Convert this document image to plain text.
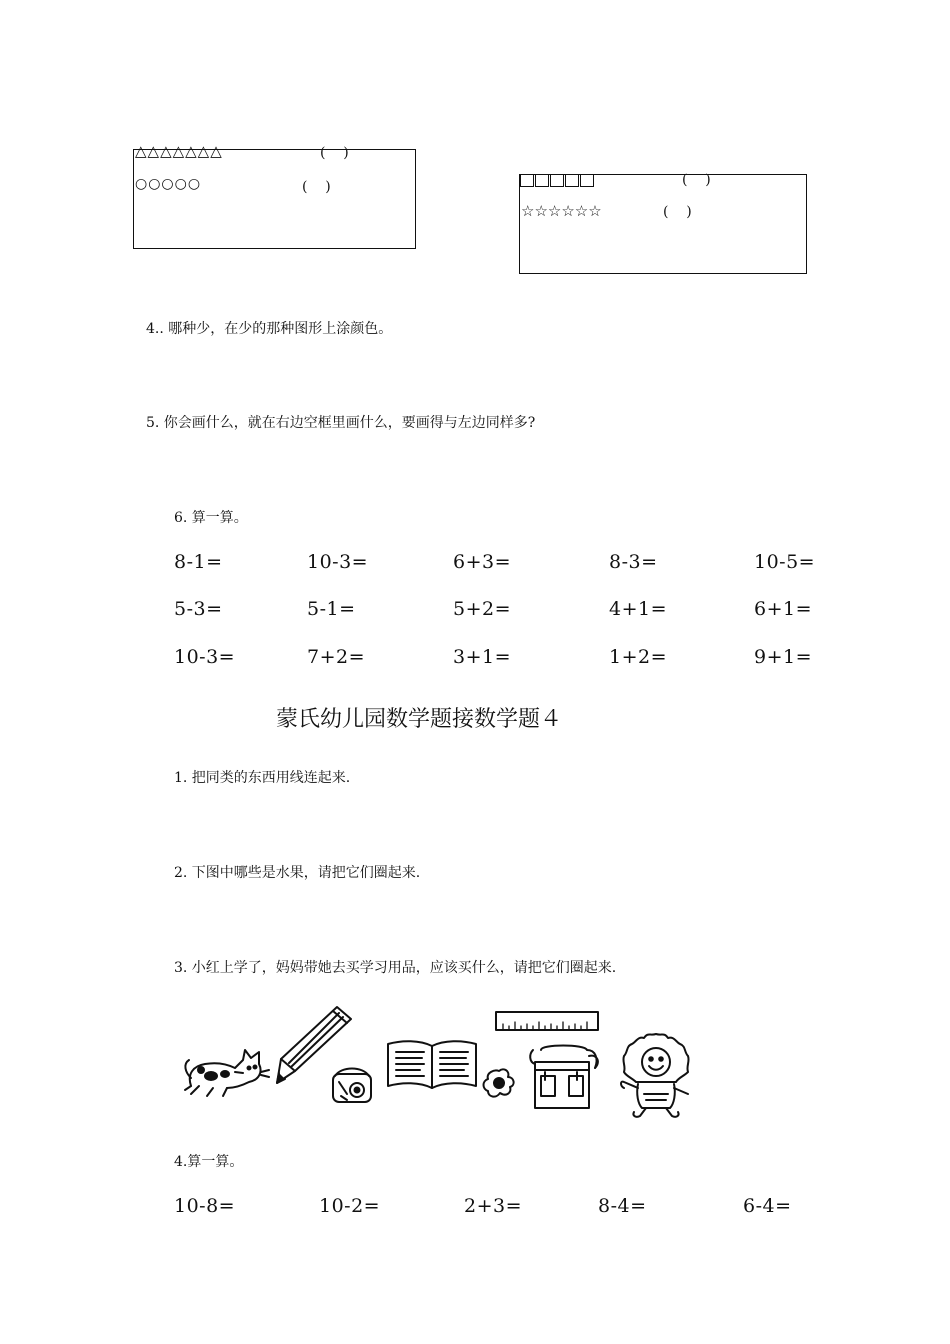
△△△△△△△	(    )
○○○○○	(    )	(    )
☆☆☆☆☆☆	(    )
4.. 哪种少，在少的那种图形上涂颜色。
5. 你会画什么，就在右边空框里画什么，要画得与左边同样多?
6. 算一算。
8-1=	10-3=	6+3=	8-3=	10-5=
5-3=	5-1=	5+2=	4+1=	6+1=
10-3=	7+2=	3+1=	1+2=	9+1=
蒙氏幼儿园数学题接数学题４
1. 把同类的东西用线连起来.
2. 下图中哪些是水果，请把它们圈起来.
3. 小红上学了，妈妈带她去买学习用品，应该买什么，请把它们圈起来.
4.算一算。
10-8=	10-2=	2+3=	8-4=	6-4=
